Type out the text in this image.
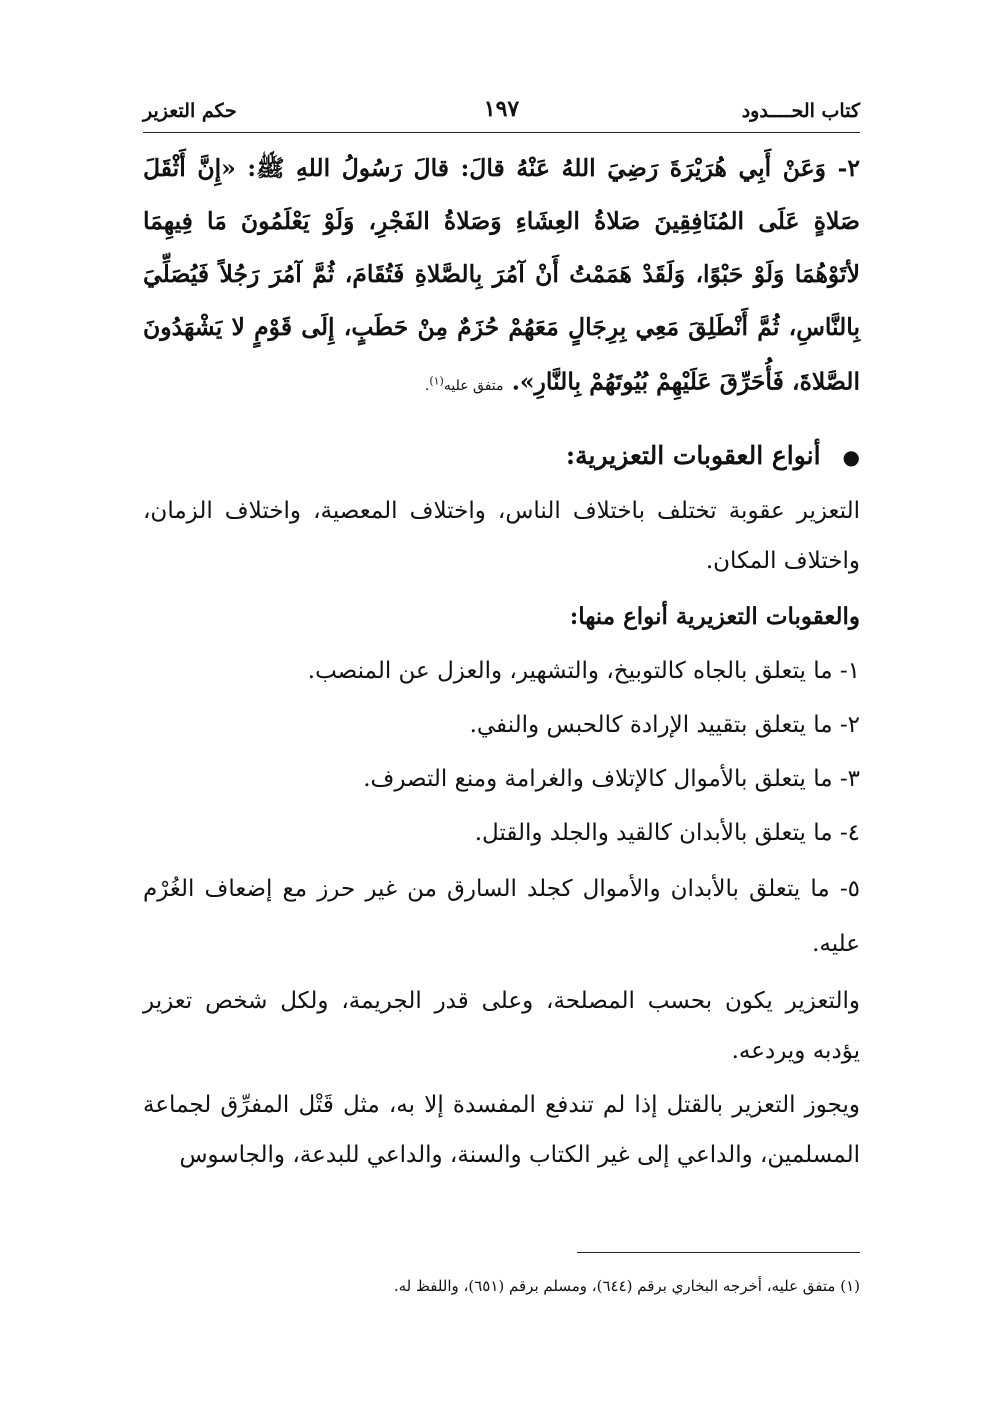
كتاب الحــــدود
١٩٧
حكم التعزير

٢- وَعَنْ أَبِي هُرَيْرَةَ رَضِيَ اللهُ عَنْهُ قالَ: قالَ رَسُولُ اللهِ ﷺ: «إِنَّ أَثْقَلَ صَلاةٍ عَلَى المُنَافِقِينَ صَلاةُ العِشَاءِ وَصَلاةُ الفَجْرِ، وَلَوْ يَعْلَمُونَ مَا فِيهِمَا لأتَوْهُمَا وَلَوْ حَبْوًا، وَلَقَدْ هَمَمْتُ أَنْ آمُرَ بِالصَّلاةِ فَتُقَامَ، ثُمَّ آمُرَ رَجُلاً فَيُصَلِّيَ بِالنَّاسِ، ثُمَّ أَنْطَلِقَ مَعِي بِرِجَالٍ مَعَهُمْ حُزَمٌ مِنْ حَطَبٍ، إِلَى قَوْمٍ لا يَشْهَدُونَ الصَّلاةَ، فَأُحَرِّقَ عَلَيْهِمْ بُيُوتَهُمْ بِالنَّارِ». متفق عليه$^{(١)}$.

●أنواع العقوبات التعزيرية:

التعزير عقوبة تختلف باختلاف الناس، واختلاف المعصية، واختلاف الزمان، واختلاف المكان.

والعقوبات التعزيرية أنواع منها:
١- ما يتعلق بالجاه كالتوبيخ، والتشهير، والعزل عن المنصب.
٢- ما يتعلق بتقييد الإرادة كالحبس والنفي.
٣- ما يتعلق بالأموال كالإتلاف والغرامة ومنع التصرف.
٤- ما يتعلق بالأبدان كالقيد والجلد والقتل.
٥- ما يتعلق بالأبدان والأموال كجلد السارق من غير حرز مع إضعاف الغُرْم عليه.

والتعزير يكون بحسب المصلحة، وعلى قدر الجريمة، ولكل شخص تعزير يؤدبه ويردعه.

ويجوز التعزير بالقتل إذا لم تندفع المفسدة إلا به، مثل قَتْل المفرِّق لجماعة المسلمين، والداعي إلى غير الكتاب والسنة، والداعي للبدعة، والجاسوس

(١) متفق عليه، أخرجه البخاري برقم (٦٤٤)، ومسلم برقم (٦٥١)، واللفظ له.
